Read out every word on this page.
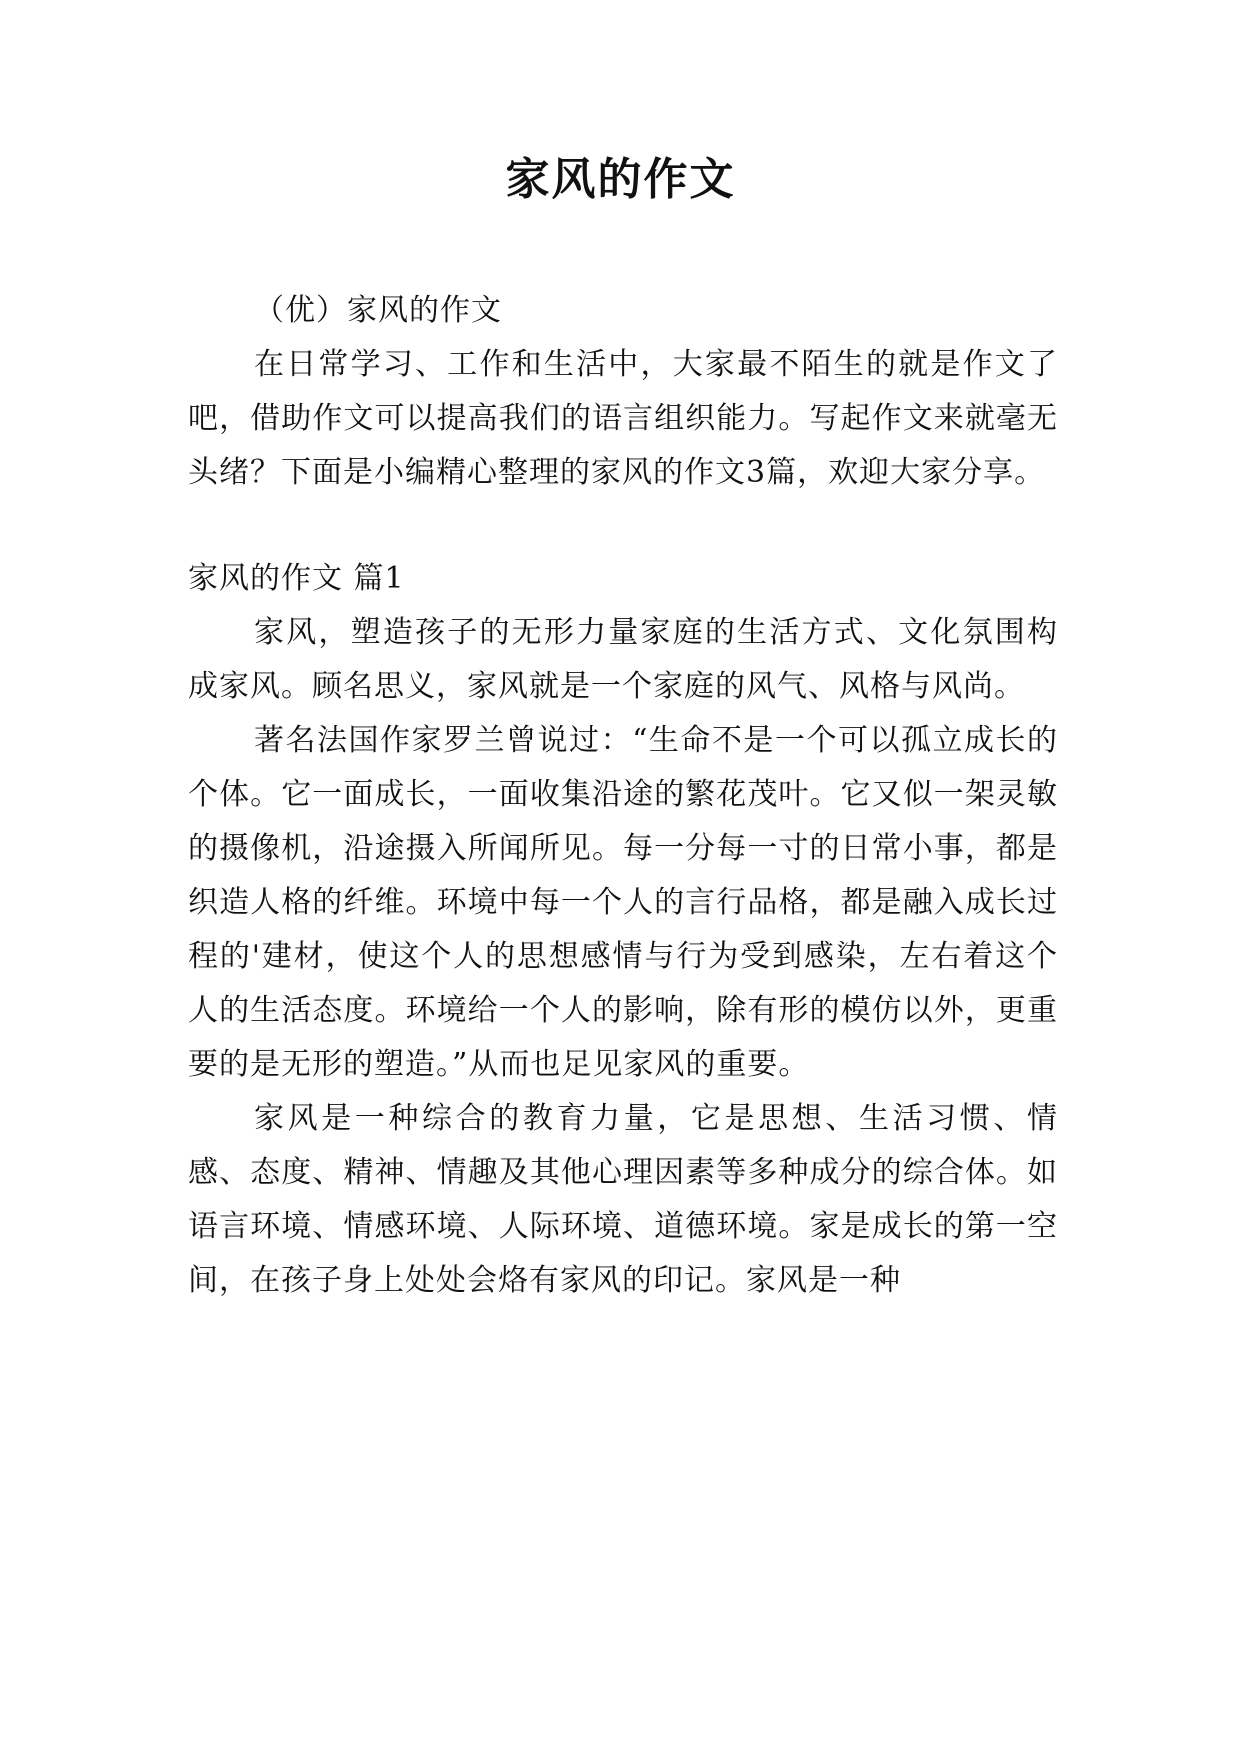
家风的作文

（优）家风的作文

在日常学习、工作和生活中，大家最不陌生的就是作文了吧，借助作文可以提高我们的语言组织能力。写起作文来就毫无头绪？下面是小编精心整理的家风的作文3篇，欢迎大家分享。

家风的作文 篇1

家风，塑造孩子的无形力量家庭的生活方式、文化氛围构成家风。顾名思义，家风就是一个家庭的风气、风格与风尚。

著名法国作家罗兰曾说过：“生命不是一个可以孤立成长的个体。它一面成长，一面收集沿途的繁花茂叶。它又似一架灵敏的摄像机，沿途摄入所闻所见。每一分每一寸的日常小事，都是织造人格的纤维。环境中每一个人的言行品格，都是融入成长过程的'建材，使这个人的思想感情与行为受到感染，左右着这个人的生活态度。环境给一个人的影响，除有形的模仿以外，更重要的是无形的塑造。”从而也足见家风的重要。

家风是一种综合的教育力量，它是思想、生活习惯、情感、态度、精神、情趣及其他心理因素等多种成分的综合体。如语言环境、情感环境、人际环境、道德环境。家是成长的第一空间，在孩子身上处处会烙有家风的印记。家风是一种
